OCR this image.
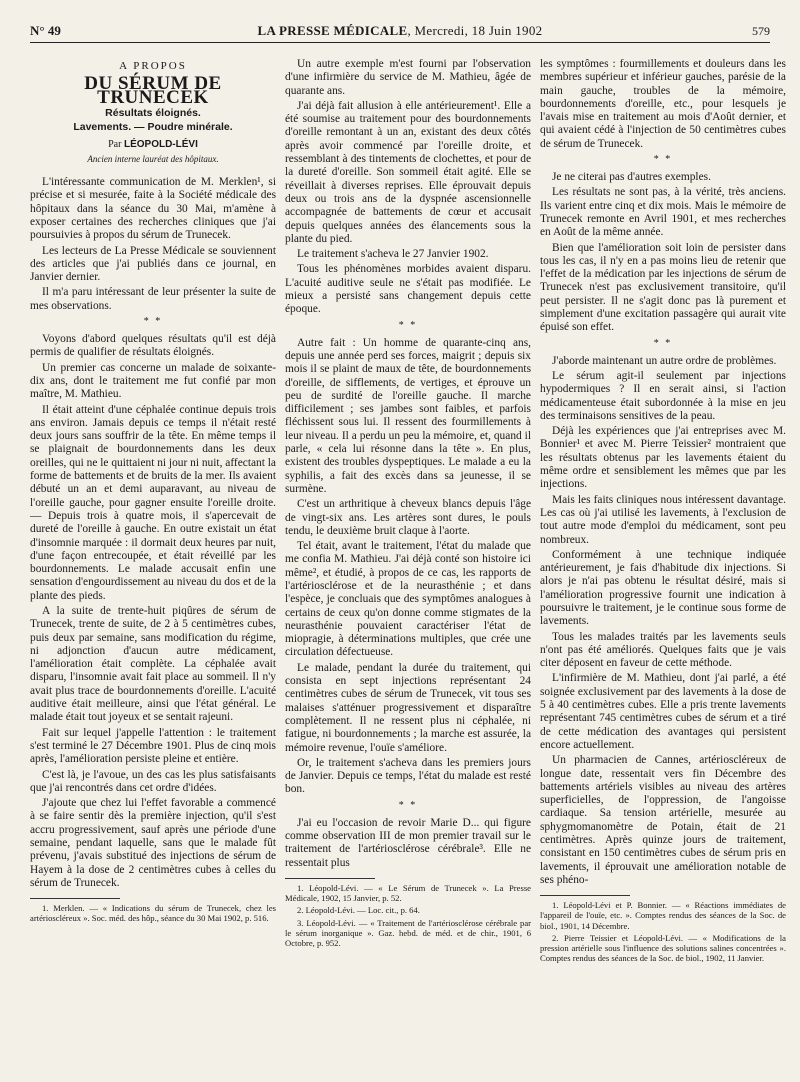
N° 49	LA PRESSE MÉDICALE, Mercredi, 18 Juin 1902	579
A PROPOS
DU SÉRUM DE TRUNECEK
Résultats éloignés.
Lavements. — Poudre minérale.
Par LÉOPOLD-LÉVI
Ancien interne lauréat des hôpitaux.

L'intéressante communication de M. Merklen¹, si précise et si mesurée, faite à la Société médicale des hôpitaux dans la séance du 30 Mai, m'amène à exposer certaines des recherches cliniques que j'ai poursuivies à propos du sérum de Trunecek.

Les lecteurs de La Presse Médicale se souviennent des articles que j'ai publiés dans ce journal, en Janvier dernier.

Il m'a paru intéressant de leur présenter la suite de mes observations.

* *

Voyons d'abord quelques résultats qu'il est déjà permis de qualifier de résultats éloignés.

Un premier cas concerne un malade de soixante-dix ans, dont le traitement me fut confié par mon maître, M. Mathieu.

Il était atteint d'une céphalée continue depuis trois ans environ. Jamais depuis ce temps il n'était resté deux jours sans souffrir de la tête. En même temps il se plaignait de bourdonnements dans les deux oreilles, qui ne le quittaient ni jour ni nuit, affectant la forme de battements et de bruits de la mer. Ils avaient débuté un an et demi auparavant, au niveau de l'oreille gauche, pour gagner ensuite l'oreille droite. — Depuis trois à quatre mois, il s'apercevait de dureté de l'oreille à gauche. En outre existait un état d'insomnie marquée : il dormait deux heures par nuit, d'une façon entrecoupée, et était réveillé par les bourdonnements. Le malade accusait enfin une sensation d'engourdissement au niveau du dos et de la plante des pieds.

A la suite de trente-huit piqûres de sérum de Trunecek, trente de suite, de 2 à 5 centimètres cubes, puis deux par semaine, sans modification du régime, ni adjonction d'aucun autre médicament, l'amélioration était complète. La céphalée avait disparu, l'insomnie avait fait place au sommeil. Il n'y avait plus trace de bourdonnements d'oreille. L'acuité auditive était meilleure, ainsi que l'état général. Le malade était tout joyeux et se sentait rajeuni.

Fait sur lequel j'appelle l'attention : le traitement s'est terminé le 27 Décembre 1901. Plus de cinq mois après, l'amélioration persiste pleine et entière.

C'est là, je l'avoue, un des cas les plus satisfaisants que j'ai rencontrés dans cet ordre d'idées.

J'ajoute que chez lui l'effet favorable a commencé à se faire sentir dès la première injection, qu'il s'est accru progressivement, sauf après une période d'une semaine, pendant laquelle, sans que le malade fût prévenu, j'avais substitué des injections de sérum de Hayem à la dose de 2 centimètres cubes à celles du sérum de Trunecek.

1. Merklen. — « Indications du sérum de Trunecek, chez les artérioscléreux ». Soc. méd. des hôp., séance du 30 Mai 1902, p. 516.

Un autre exemple m'est fourni par l'observation d'une infirmière du service de M. Mathieu, âgée de quarante ans.

J'ai déjà fait allusion à elle antérieurement¹. Elle a été soumise au traitement pour des bourdonnements d'oreille remontant à un an, existant des deux côtés après avoir commencé par l'oreille droite, et ressemblant à des tintements de clochettes, et pour de la dureté d'oreille. Son sommeil était agité. Elle se réveillait à diverses reprises. Elle éprouvait depuis deux ou trois ans de la dyspnée ascensionnelle accompagnée de battements de cœur et accusait depuis quelques années des élancements sous la plante du pied.

Le traitement s'acheva le 27 Janvier 1902.

Tous les phénomènes morbides avaient disparu. L'acuité auditive seule ne s'était pas modifiée. Le mieux a persisté sans changement depuis cette époque.

* *

Autre fait : Un homme de quarante-cinq ans, depuis une année perd ses forces, maigrit ; depuis six mois il se plaint de maux de tête, de bourdonnements d'oreille, de sifflements, de vertiges, et éprouve un peu de surdité de l'oreille gauche. Il marche difficilement ; ses jambes sont faibles, et parfois fléchissent sous lui. Il ressent des fourmillements à leur niveau. Il a perdu un peu la mémoire, et, quand il parle, « cela lui résonne dans la tête ». En plus, existent des troubles dyspeptiques. Le malade a eu la syphilis, a fait des excès dans sa jeunesse, il se surmène.

C'est un arthritique à cheveux blancs depuis l'âge de vingt-six ans. Les artères sont dures, le pouls tendu, le deuxième bruit claque à l'aorte.

Tel était, avant le traitement, l'état du malade que me confia M. Mathieu. J'ai déjà conté son histoire ici même², et étudié, à propos de ce cas, les rapports de l'artériosclérose et de la neurasthénie ; et dans l'espèce, je concluais que des symptômes analogues à certains de ceux qu'on donne comme stigmates de la neurasthénie pouvaient caractériser l'état de miopragie, à déterminations multiples, que crée une circulation défectueuse.

Le malade, pendant la durée du traitement, qui consista en sept injections représentant 24 centimètres cubes de sérum de Trunecek, vit tous ses malaises s'atténuer progressivement et disparaître complètement. Il ne ressent plus ni céphalée, ni fatigue, ni bourdonnements ; la marche est assurée, la mémoire revenue, l'ouïe s'améliore.

Or, le traitement s'acheva dans les premiers jours de Janvier. Depuis ce temps, l'état du malade est resté bon.

* *

J'ai eu l'occasion de revoir Marie D... qui figure comme observation III de mon premier travail sur le traitement de l'artériosclérose cérébrale³. Elle ne ressentait plus

1. Léopold-Lévi. — « Le Sérum de Trunecek ». La Presse Médicale, 1902, 15 Janvier, p. 52.

2. Léopold-Lévi. — Loc. cit., p. 64.

3. Léopold-Lévi. — « Traitement de l'artériosclérose cérébrale par le sérum inorganique ». Gaz. hebd. de méd. et de chir., 1901, 6 Octobre, p. 952.

les symptômes : fourmillements et douleurs dans les membres supérieur et inférieur gauches, parésie de la main gauche, troubles de la mémoire, bourdonnements d'oreille, etc., pour lesquels je l'avais mise en traitement au mois d'Août dernier, et qui avaient cédé à l'injection de 50 centimètres cubes de sérum de Trunecek.

* *

Je ne citerai pas d'autres exemples.

Les résultats ne sont pas, à la vérité, très anciens. Ils varient entre cinq et dix mois. Mais le mémoire de Trunecek remonte en Avril 1901, et mes recherches en Août de la même année.

Bien que l'amélioration soit loin de persister dans tous les cas, il n'y en a pas moins lieu de retenir que l'effet de la médication par les injections de sérum de Trunecek n'est pas exclusivement transitoire, qu'il peut persister. Il ne s'agit donc pas là purement et simplement d'une excitation passagère qui aurait vite épuisé son effet.

* *

J'aborde maintenant un autre ordre de problèmes.

Le sérum agit-il seulement par injections hypodermiques ? Il en serait ainsi, si l'action médicamenteuse était subordonnée à la mise en jeu des terminaisons sensitives de la peau.

Déjà les expériences que j'ai entreprises avec M. Bonnier¹ et avec M. Pierre Teissier² montraient que les résultats obtenus par les lavements étaient du même ordre et sensiblement les mêmes que par les injections.

Mais les faits cliniques nous intéressent davantage. Les cas où j'ai utilisé les lavements, à l'exclusion de tout autre mode d'emploi du médicament, sont peu nombreux.

Conformément à une technique indiquée antérieurement, je fais d'habitude dix injections. Si alors je n'ai pas obtenu le résultat désiré, mais si l'amélioration progressive fournit une indication à poursuivre le traitement, je le continue sous forme de lavements.

Tous les malades traités par les lavements seuls n'ont pas été améliorés. Quelques faits que je vais citer déposent en faveur de cette méthode.

L'infirmière de M. Mathieu, dont j'ai parlé, a été soignée exclusivement par des lavements à la dose de 5 à 40 centimètres cubes. Elle a pris trente lavements représentant 745 centimètres cubes de sérum et a tiré de cette médication des avantages qui persistent encore actuellement.

Un pharmacien de Cannes, artérioscléreux de longue date, ressentait vers fin Décembre des battements artériels visibles au niveau des artères superficielles, de l'oppression, de l'angoisse cardiaque. Sa tension artérielle, mesurée au sphygmomanomètre de Potain, était de 21 centimètres. Après quinze jours de traitement, consistant en 150 centimètres cubes de sérum pris en lavements, il éprouvait une amélioration notable de ses phéno-

1. Léopold-Lévi et P. Bonnier. — « Réactions immédiates de l'appareil de l'ouïe, etc. ». Comptes rendus des séances de la Soc. de biol., 1901, 14 Décembre.

2. Pierre Teissier et Léopold-Lévi. — « Modifications de la pression artérielle sous l'influence des solutions salines concentrées ». Comptes rendus des séances de la Soc. de biol., 1902, 11 Janvier.
